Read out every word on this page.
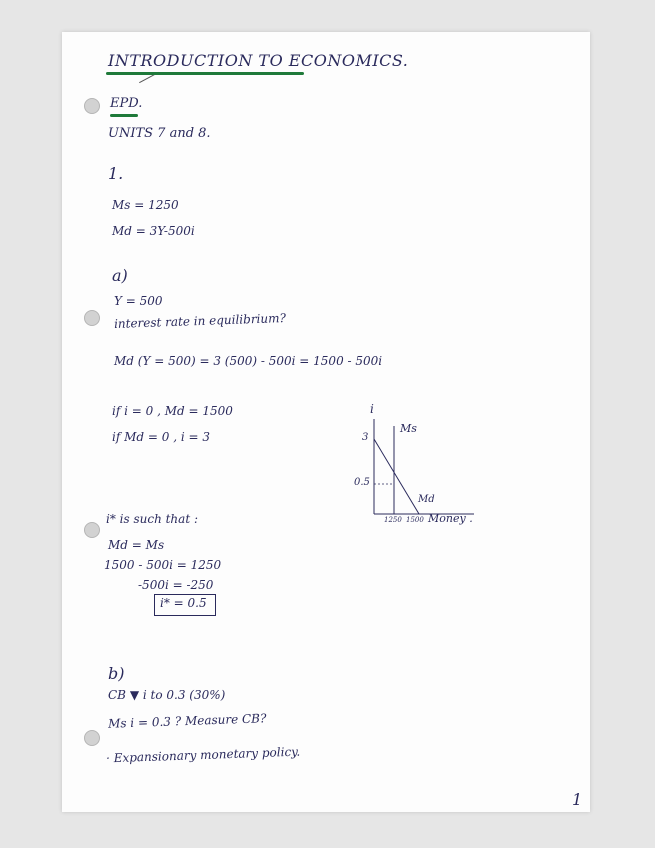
INTRODUCTION TO ECONOMICS.
EPD.
UNITS 7 and 8.
1.
Ms = 1250
Md = 3Y-500i
a)
Y = 500
interest rate in equilibrium?
Md (Y = 500) = 3 (500) - 500i = 1500 - 500i
if i = 0 , Md = 1500
if Md = 0 , i = 3
i
3
0.5
Ms
Md
1250 1500 Money .
i* is such that :
Md = Ms
1500 - 500i = 1250
-500i = -250
i* = 0.5
b)
CB ▼ i to 0.3 (30%)
Ms i = 0.3 ? Measure CB?
· Expansionary monetary policy.
1
